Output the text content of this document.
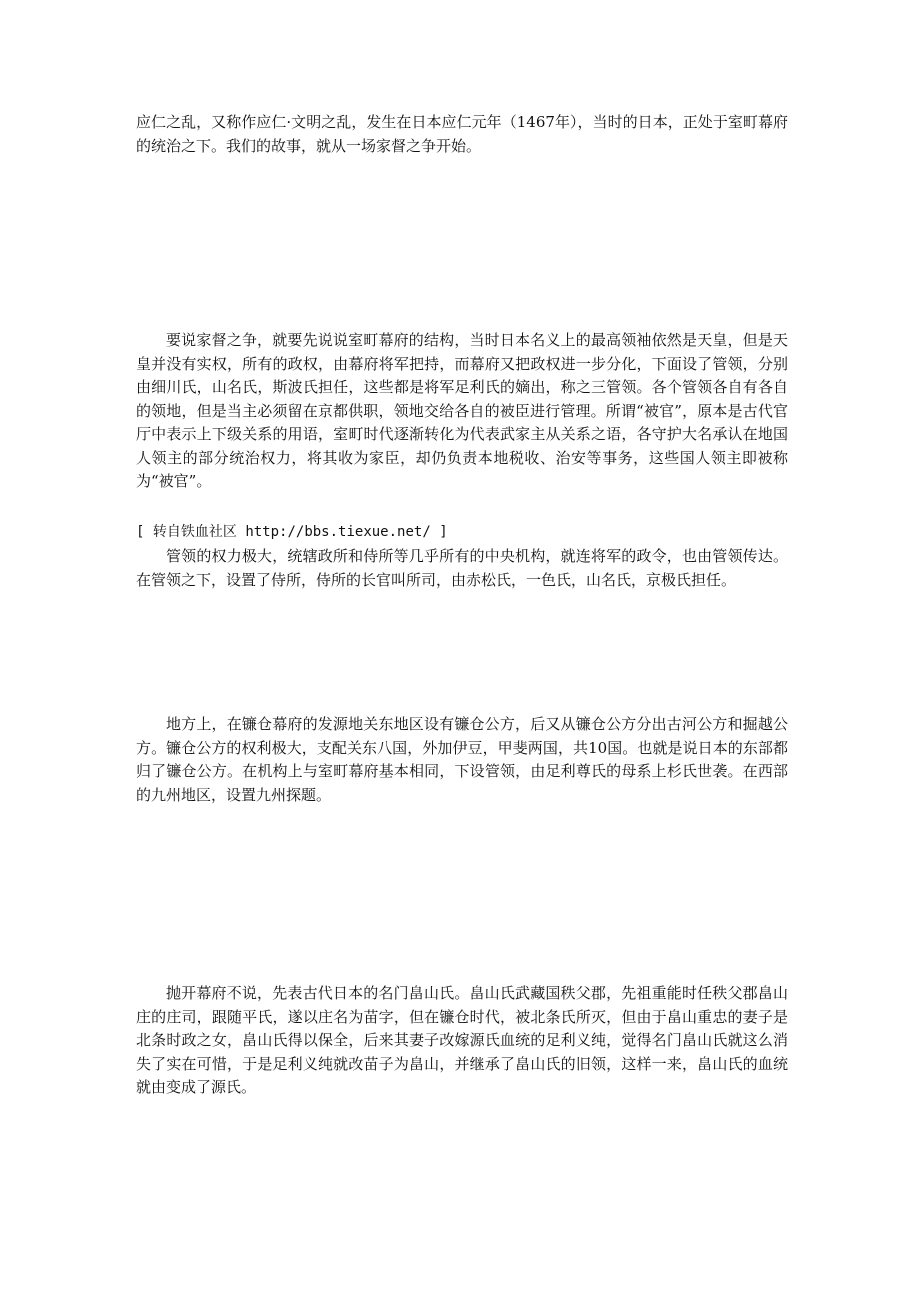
应仁之乱，又称作应仁·文明之乱，发生在日本应仁元年（1467年），当时的日本，正处于室町幕府的统治之下。我们的故事，就从一场家督之争开始。

要说家督之争，就要先说说室町幕府的结构，当时日本名义上的最高领袖依然是天皇，但是天皇并没有实权，所有的政权，由幕府将军把持，而幕府又把政权进一步分化，下面设了管领，分别由细川氏，山名氏，斯波氏担任，这些都是将军足利氏的嫡出，称之三管领。各个管领各自有各自的领地，但是当主必须留在京都供职，领地交给各自的被臣进行管理。所谓“被官”，原本是古代官厅中表示上下级关系的用语，室町时代逐渐转化为代表武家主从关系之语，各守护大名承认在地国人领主的部分统治权力，将其收为家臣，却仍负责本地税收、治安等事务，这些国人领主即被称为“被官”。

[ 转自铁血社区 http://bbs.tiexue.net/ ]

管领的权力极大，统辖政所和侍所等几乎所有的中央机构，就连将军的政令，也由管领传达。在管领之下，设置了侍所，侍所的长官叫所司，由赤松氏，一色氏，山名氏，京极氏担任。

地方上，在镰仓幕府的发源地关东地区设有镰仓公方，后又从镰仓公方分出古河公方和掘越公方。镰仓公方的权利极大，支配关东八国，外加伊豆，甲斐两国，共10国。也就是说日本的东部都归了镰仓公方。在机构上与室町幕府基本相同，下设管领，由足利尊氏的母系上杉氏世袭。在西部的九州地区，设置九州探题。

抛开幕府不说，先表古代日本的名门畠山氏。畠山氏武藏国秩父郡，先祖重能时任秩父郡畠山庄的庄司，跟随平氏，遂以庄名为苗字，但在镰仓时代，被北条氏所灭，但由于畠山重忠的妻子是北条时政之女，畠山氏得以保全，后来其妻子改嫁源氏血统的足利义纯，觉得名门畠山氏就这么消失了实在可惜，于是足利义纯就改苗子为畠山，并继承了畠山氏的旧领，这样一来，畠山氏的血统就由变成了源氏。
